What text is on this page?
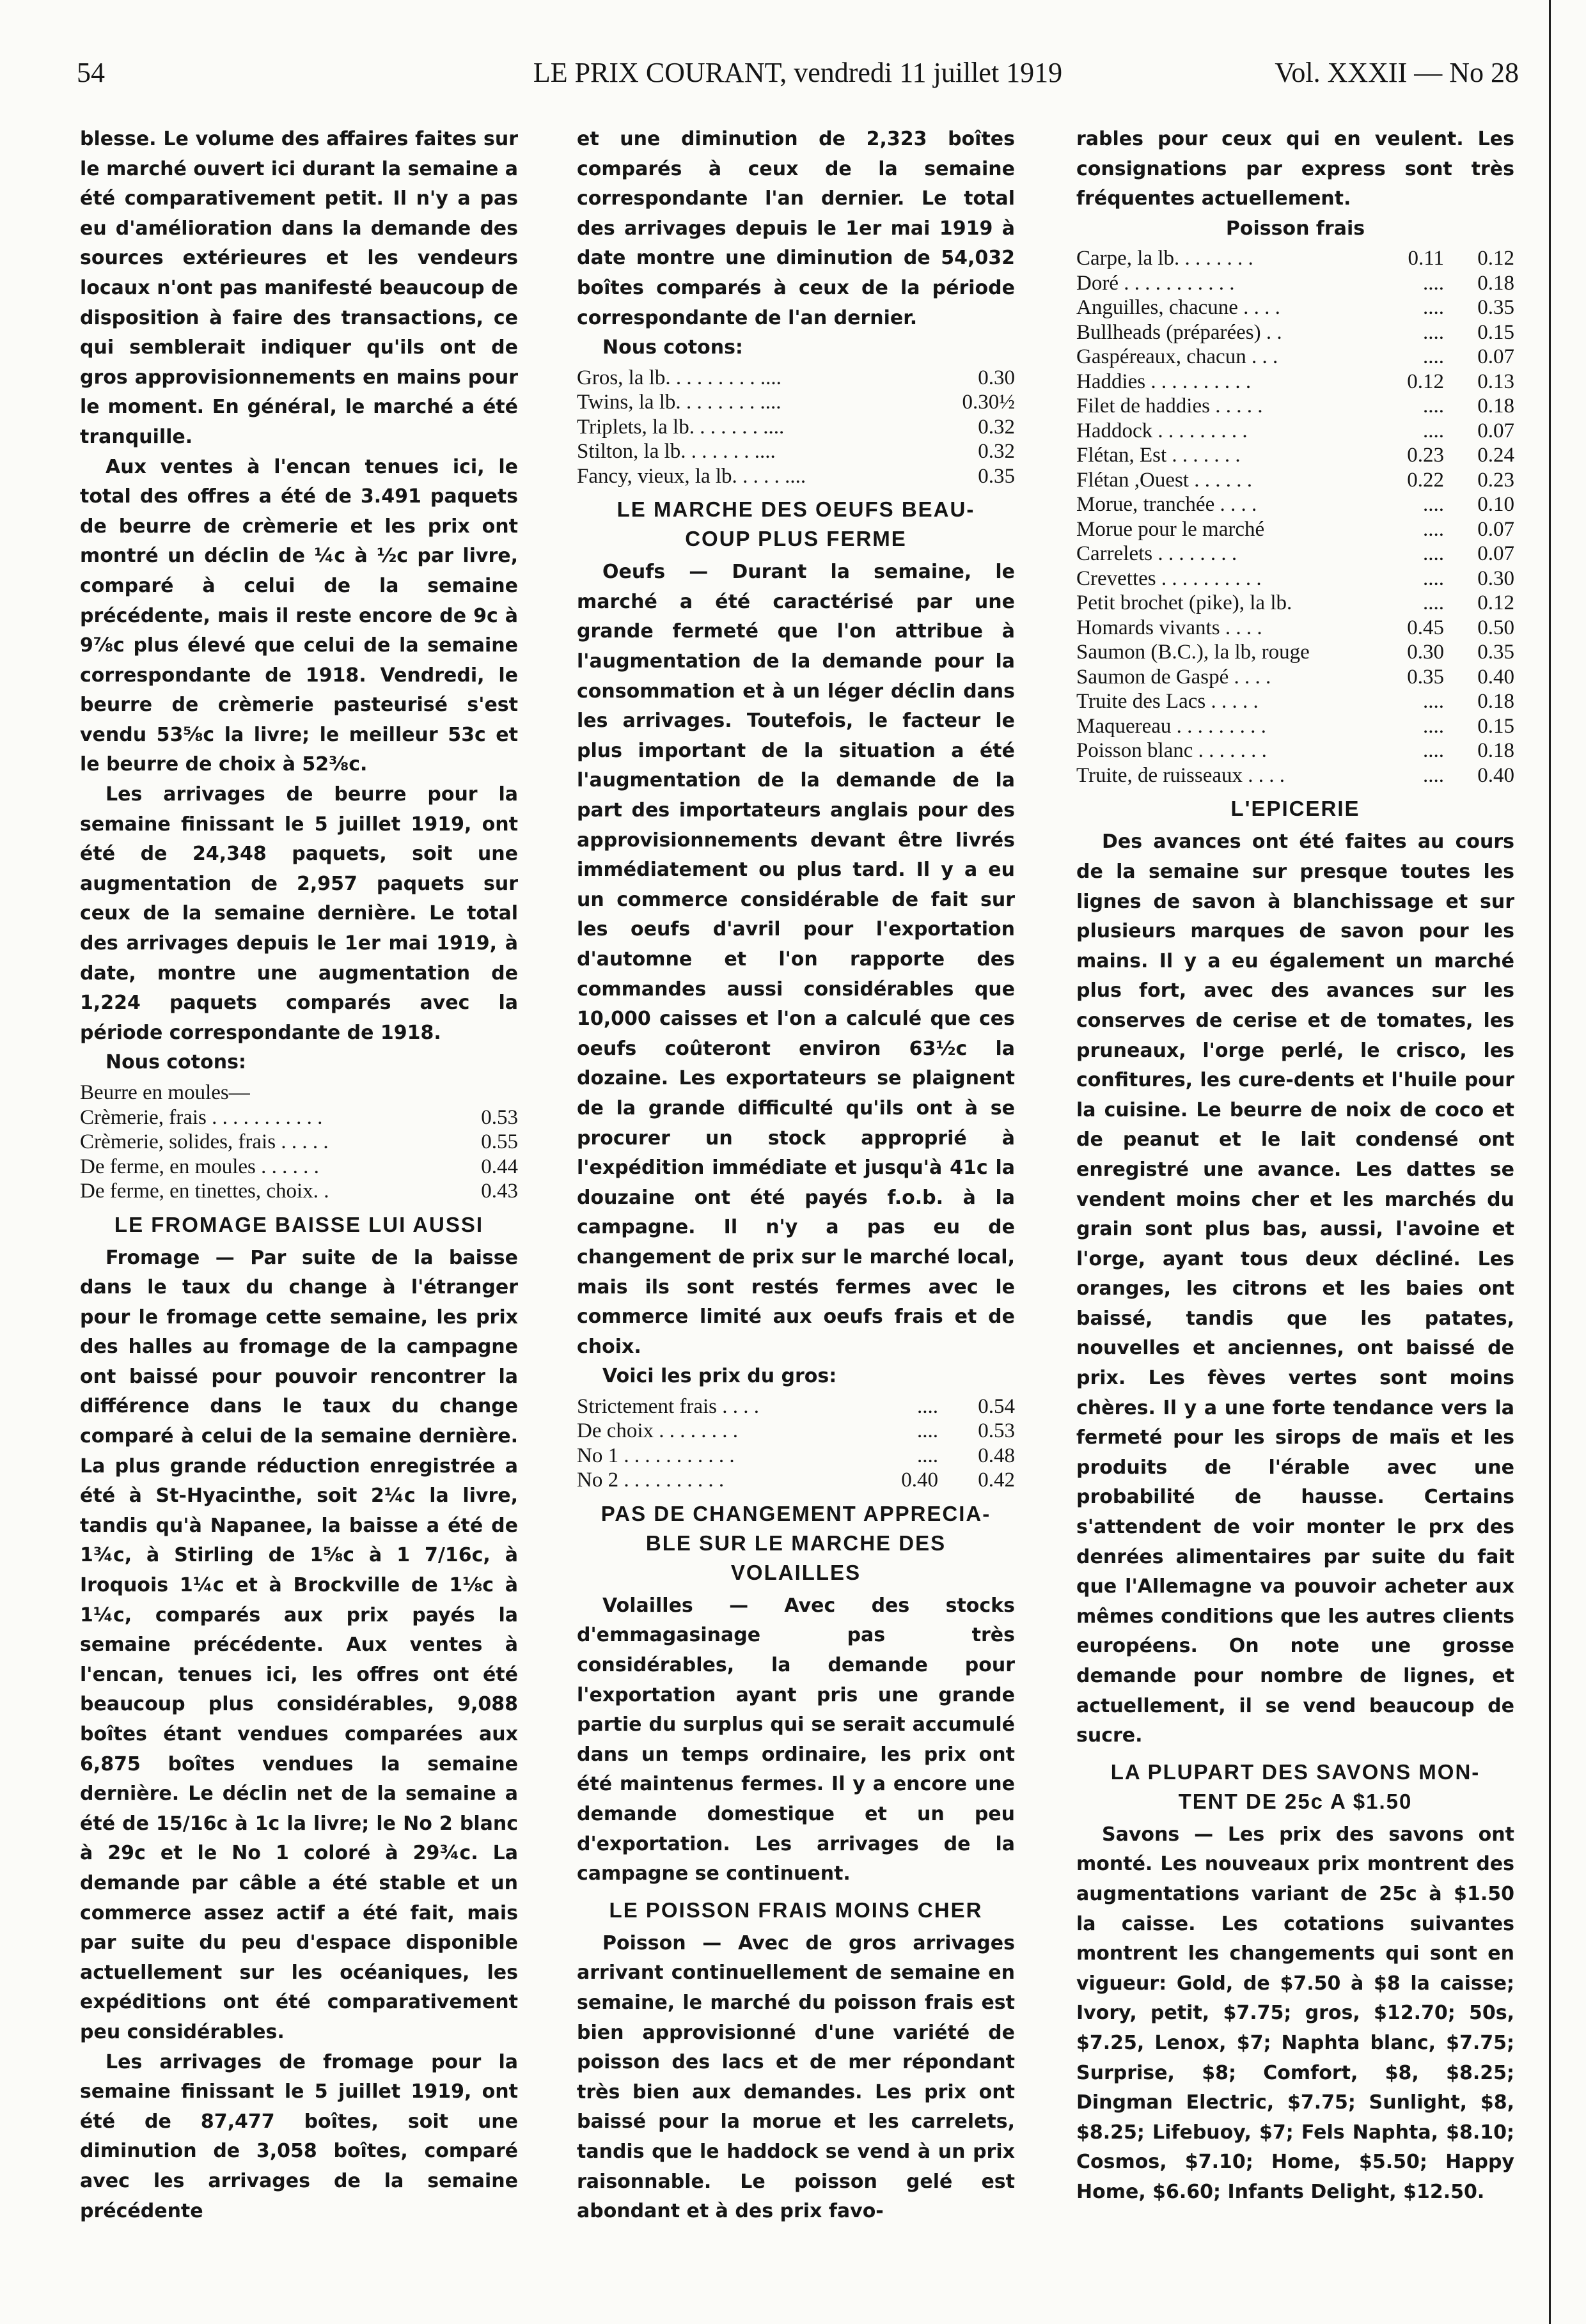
54	LE PRIX COURANT, vendredi 11 juillet 1919	Vol. XXXII — No 28

blesse. Le volume des affaires faites sur le marché ouvert ici durant la semaine a été comparativement petit. Il n'y a pas eu d'amélioration dans la demande des sources extérieures et les vendeurs locaux n'ont pas manifesté beaucoup de disposition à faire des transactions, ce qui semblerait indiquer qu'ils ont de gros approvisionnements en mains pour le moment. En général, le marché a été tranquille.

Aux ventes à l'encan tenues ici, le total des offres a été de 3.491 paquets de beurre de crèmerie et les prix ont montré un déclin de ¼c à ½c par livre, comparé à celui de la semaine précédente, mais il reste encore de 9c à 9⅞c plus élevé que celui de la semaine correspondante de 1918. Vendredi, le beurre de crèmerie pasteurisé s'est vendu 53⅝c la livre; le meilleur 53c et le beurre de choix à 52⅜c.

Les arrivages de beurre pour la semaine finissant le 5 juillet 1919, ont été de 24,348 paquets, soit une augmentation de 2,957 paquets sur ceux de la semaine dernière. Le total des arrivages depuis le 1er mai 1919, à date, montre une augmentation de 1,224 paquets comparés avec la période correspondante de 1918.

Nous cotons:
Beurre en moules—	
Crèmerie, frais . . . . . . . . . . .	0.53
Crèmerie, solides, frais . . . . .	0.55
De ferme, en moules . . . . . .	0.44
De ferme, en tinettes, choix. .	0.43
LE FROMAGE BAISSE LUI AUSSI

Fromage — Par suite de la baisse dans le taux du change à l'étranger pour le fromage cette semaine, les prix des halles au fromage de la campagne ont baissé pour pouvoir rencontrer la différence dans le taux du change comparé à celui de la semaine dernière. La plus grande réduction enregistrée a été à St-Hyacinthe, soit 2¼c la livre, tandis qu'à Napanee, la baisse a été de 1¾c, à Stirling de 1⅝c à 1 7/16c, à Iroquois 1¼c et à Brockville de 1⅛c à 1¼c, comparés aux prix payés la semaine précédente. Aux ventes à l'encan, tenues ici, les offres ont été beaucoup plus considérables, 9,088 boîtes étant vendues comparées aux 6,875 boîtes vendues la semaine dernière. Le déclin net de la semaine a été de 15/16c à 1c la livre; le No 2 blanc à 29c et le No 1 coloré à 29¾c. La demande par câble a été stable et un commerce assez actif a été fait, mais par suite du peu d'espace disponible actuellement sur les océaniques, les expéditions ont été comparativement peu considérables.

Les arrivages de fromage pour la semaine finissant le 5 juillet 1919, ont été de 87,477 boîtes, soit une diminution de 3,058 boîtes, comparé avec les arrivages de la semaine précédente

et une diminution de 2,323 boîtes comparés à ceux de la semaine correspondante l'an dernier. Le total des arrivages depuis le 1er mai 1919 à date montre une diminution de 54,032 boîtes comparés à ceux de la période correspondante de l'an dernier.

Nous cotons:
Gros, la lb. . . . . . . . . ....	0.30
Twins, la lb. . . . . . . . ....	0.30½
Triplets, la lb. . . . . . . ....	0.32
Stilton, la lb. . . . . . . ....	0.32
Fancy, vieux, la lb. . . . . ....	0.35
LE MARCHE DES OEUFS BEAU-
COUP PLUS FERME

Oeufs — Durant la semaine, le marché a été caractérisé par une grande fermeté que l'on attribue à l'augmentation de la demande pour la consommation et à un léger déclin dans les arrivages. Toutefois, le facteur le plus important de la situation a été l'augmentation de la demande de la part des importateurs anglais pour des approvisionnements devant être livrés immédiatement ou plus tard. Il y a eu un commerce considérable de fait sur les oeufs d'avril pour l'exportation d'automne et l'on rapporte des commandes aussi considérables que 10,000 caisses et l'on a calculé que ces oeufs coûteront environ 63½c la dozaine. Les exportateurs se plaignent de la grande difficulté qu'ils ont à se procurer un stock approprié à l'expédition immédiate et jusqu'à 41c la douzaine ont été payés f.o.b. à la campagne. Il n'y a pas eu de changement de prix sur le marché local, mais ils sont restés fermes avec le commerce limité aux oeufs frais et de choix.

Voici les prix du gros:
Strictement frais . . . .	....	0.54
De choix . . . . . . . .	....	0.53
No 1 . . . . . . . . . . .	....	0.48
No 2 . . . . . . . . . .	0.40	0.42
PAS DE CHANGEMENT APPRECIA-
BLE SUR LE MARCHE DES
VOLAILLES

Volailles — Avec des stocks d'emmagasinage pas très considérables, la demande pour l'exportation ayant pris une grande partie du surplus qui se serait accumulé dans un temps ordinaire, les prix ont été maintenus fermes. Il y a encore une demande domestique et un peu d'exportation. Les arrivages de la campagne se continuent.

LE POISSON FRAIS MOINS CHER

Poisson — Avec de gros arrivages arrivant continuellement de semaine en semaine, le marché du poisson frais est bien approvisionné d'une variété de poisson des lacs et de mer répondant très bien aux demandes. Les prix ont baissé pour la morue et les carrelets, tandis que le haddock se vend à un prix raisonnable. Le poisson gelé est abondant et à des prix favo-

rables pour ceux qui en veulent. Les consignations par express sont très fréquentes actuellement.

Poisson frais
Carpe, la lb. . . . . . . .	0.11	0.12
Doré . . . . . . . . . . .	....	0.18
Anguilles, chacune . . . .	....	0.35
Bullheads (préparées) . .	....	0.15
Gaspéreaux, chacun . . .	....	0.07
Haddies . . . . . . . . . .	0.12	0.13
Filet de haddies . . . . .	....	0.18
Haddock . . . . . . . . .	....	0.07
Flétan, Est . . . . . . .	0.23	0.24
Flétan ,Ouest . . . . . .	0.22	0.23
Morue, tranchée . . . .	....	0.10
Morue pour le marché	....	0.07
Carrelets . . . . . . . .	....	0.07
Crevettes . . . . . . . . . .	....	0.30
Petit brochet (pike), la lb.	....	0.12
Homards vivants . . . .	0.45	0.50
Saumon (B.C.), la lb, rouge	0.30	0.35
Saumon de Gaspé . . . .	0.35	0.40
Truite des Lacs . . . . .	....	0.18
Maquereau . . . . . . . . .	....	0.15
Poisson blanc . . . . . . .	....	0.18
Truite, de ruisseaux . . . .	....	0.40
L'EPICERIE

Des avances ont été faites au cours de la semaine sur presque toutes les lignes de savon à blanchissage et sur plusieurs marques de savon pour les mains. Il y a eu également un marché plus fort, avec des avances sur les conserves de cerise et de tomates, les pruneaux, l'orge perlé, le crisco, les confitures, les cure-dents et l'huile pour la cuisine. Le beurre de noix de coco et de peanut et le lait condensé ont enregistré une avance. Les dattes se vendent moins cher et les marchés du grain sont plus bas, aussi, l'avoine et l'orge, ayant tous deux décliné. Les oranges, les citrons et les baies ont baissé, tandis que les patates, nouvelles et anciennes, ont baissé de prix. Les fèves vertes sont moins chères. Il y a une forte tendance vers la fermeté pour les sirops de maïs et les produits de l'érable avec une probabilité de hausse. Certains s'attendent de voir monter le prx des denrées alimentaires par suite du fait que l'Allemagne va pouvoir acheter aux mêmes conditions que les autres clients européens. On note une grosse demande pour nombre de lignes, et actuellement, il se vend beaucoup de sucre.

LA PLUPART DES SAVONS MON-
TENT DE 25c A $1.50

Savons — Les prix des savons ont monté. Les nouveaux prix montrent des augmentations variant de 25c à $1.50 la caisse. Les cotations suivantes montrent les changements qui sont en vigueur: Gold, de $7.50 à $8 la caisse; Ivory, petit, $7.75; gros, $12.70; 50s, $7.25, Lenox, $7; Naphta blanc, $7.75; Surprise, $8; Comfort, $8, $8.25; Dingman Electric, $7.75; Sunlight, $8, $8.25; Lifebuoy, $7; Fels Naphta, $8.10; Cosmos, $7.10; Home, $5.50; Happy Home, $6.60; Infants Delight, $12.50.
